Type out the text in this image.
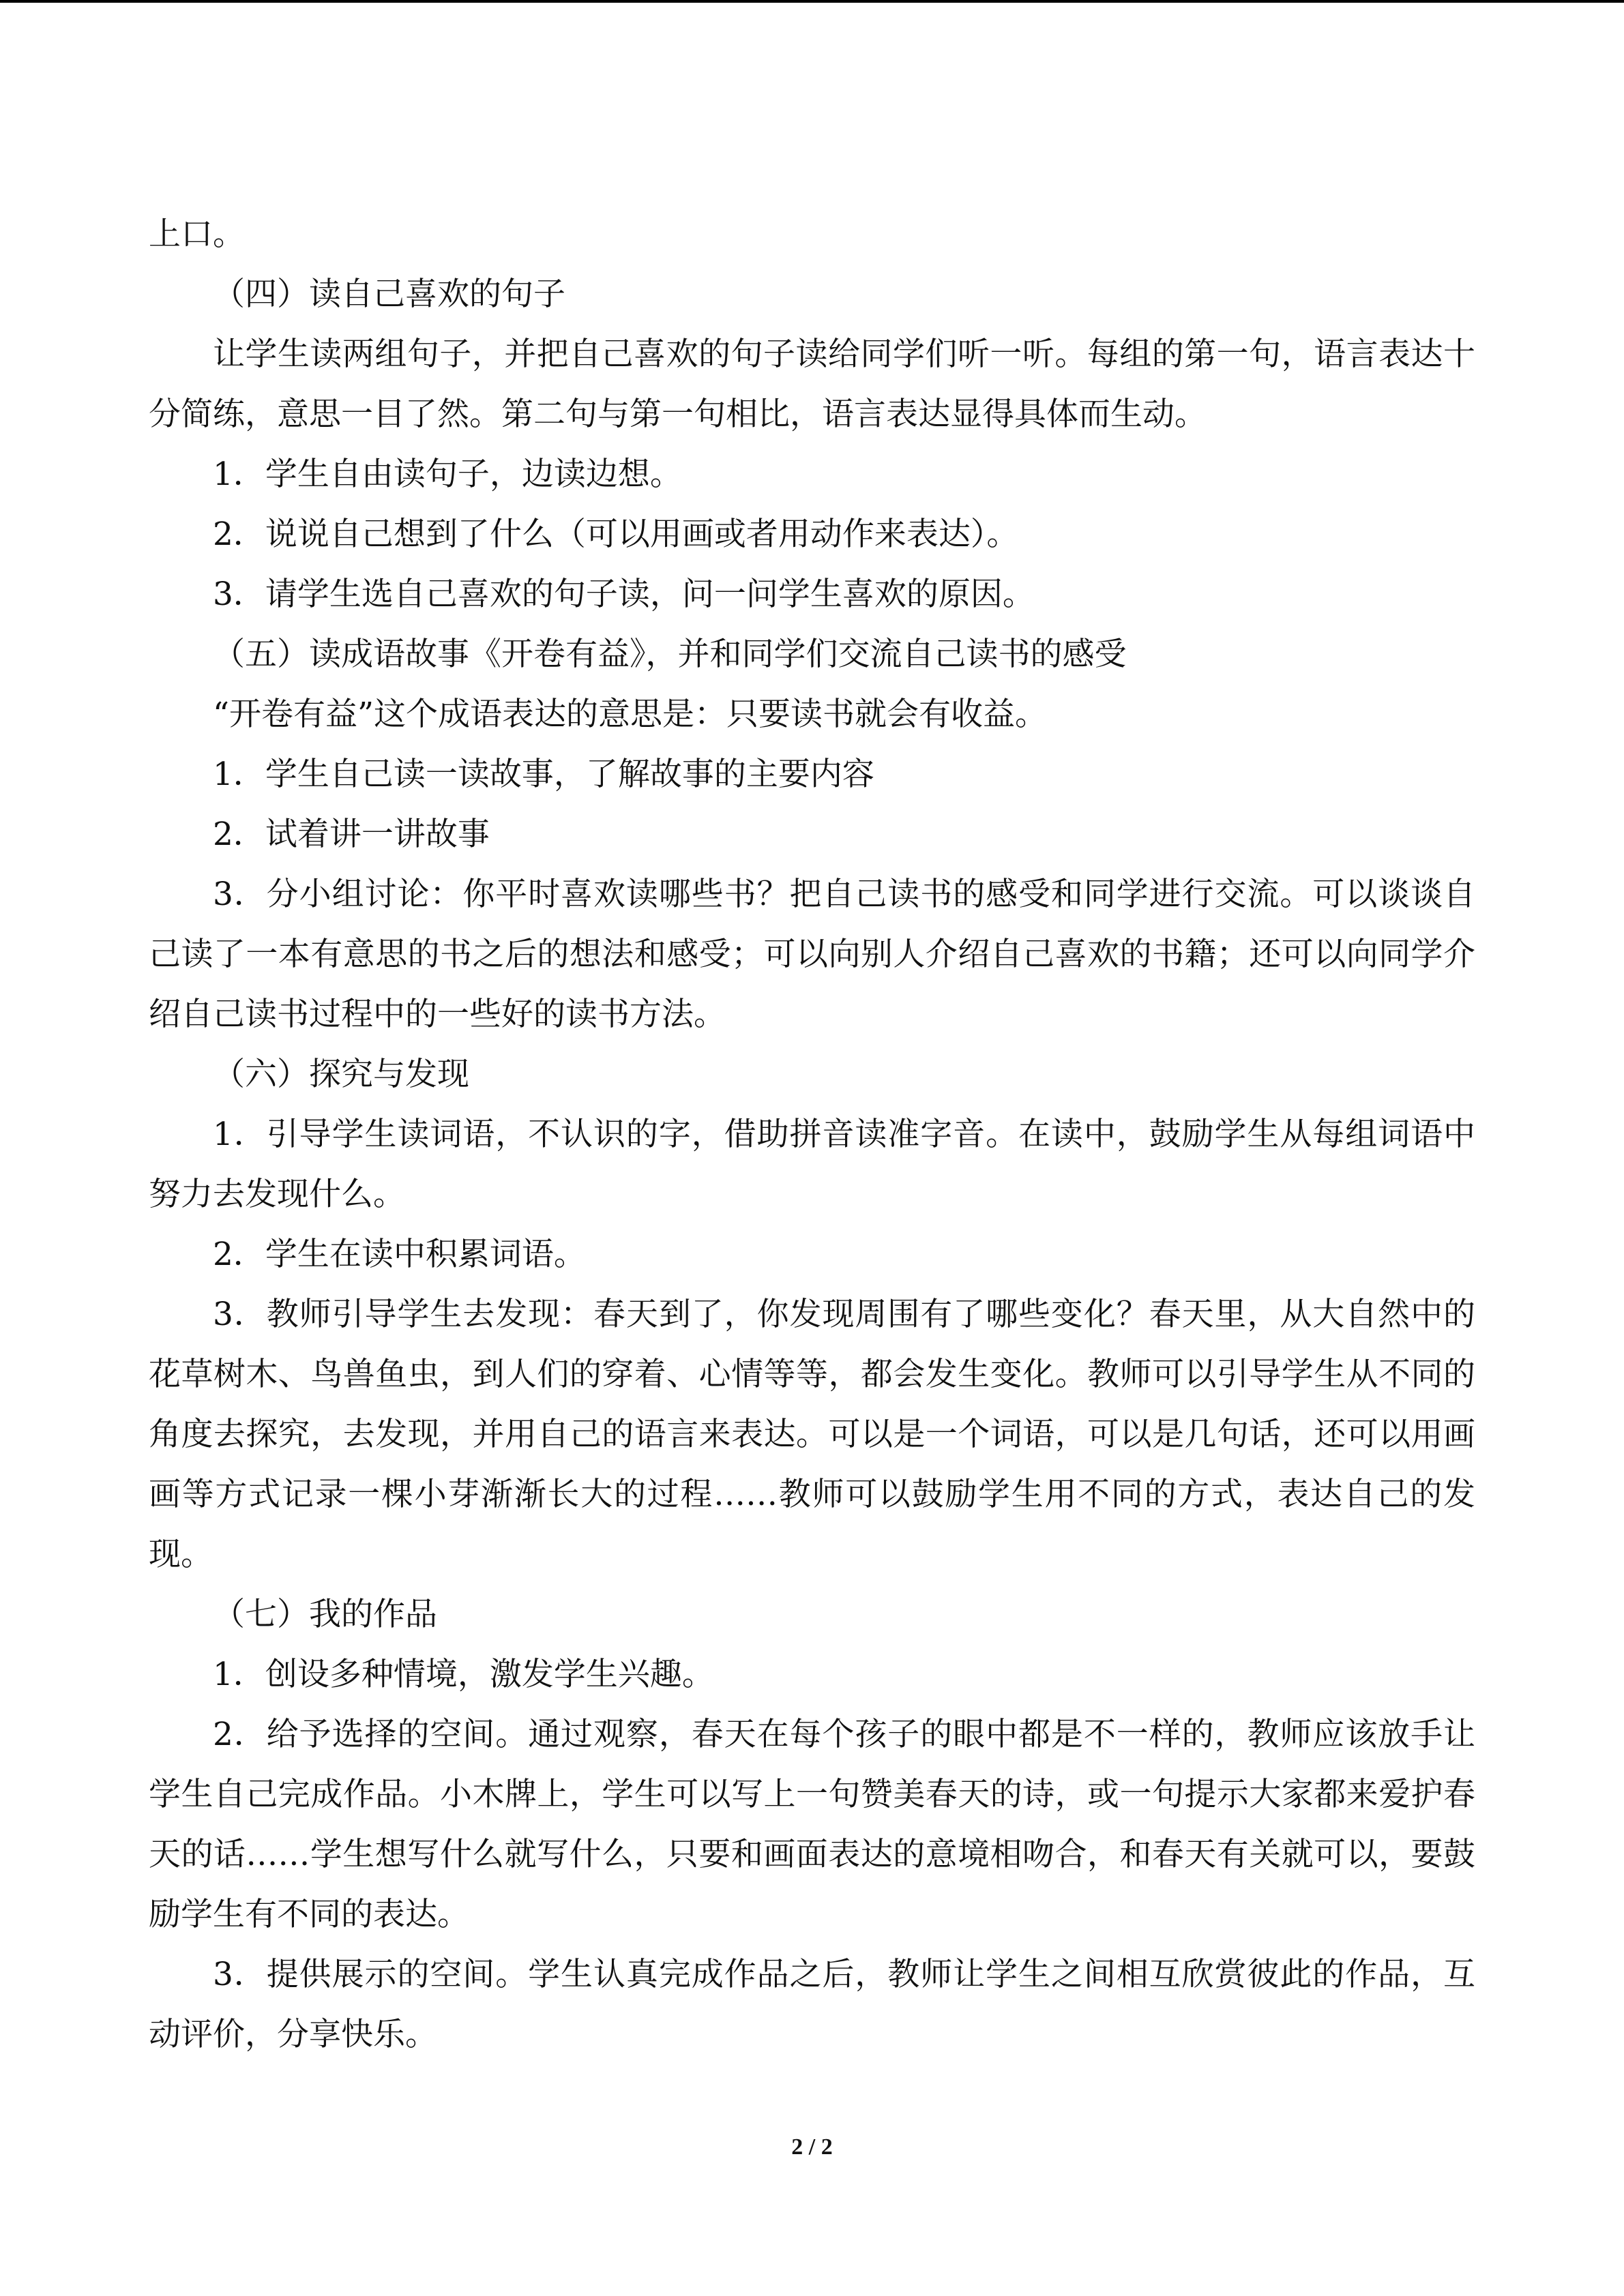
上口。

（四）读自己喜欢的句子

让学生读两组句子，并把自己喜欢的句子读给同学们听一听。每组的第一句，语言表达十分简练，意思一目了然。第二句与第一句相比，语言表达显得具体而生动。

1．学生自由读句子，边读边想。

2．说说自己想到了什么（可以用画或者用动作来表达）。

3．请学生选自己喜欢的句子读，问一问学生喜欢的原因。

（五）读成语故事《开卷有益》，并和同学们交流自己读书的感受

“开卷有益”这个成语表达的意思是：只要读书就会有收益。

1．学生自己读一读故事，了解故事的主要内容

2．试着讲一讲故事

3．分小组讨论：你平时喜欢读哪些书？把自己读书的感受和同学进行交流。可以谈谈自己读了一本有意思的书之后的想法和感受；可以向别人介绍自己喜欢的书籍；还可以向同学介绍自己读书过程中的一些好的读书方法。

（六）探究与发现

1．引导学生读词语，不认识的字，借助拼音读准字音。在读中，鼓励学生从每组词语中努力去发现什么。

2．学生在读中积累词语。

3．教师引导学生去发现：春天到了，你发现周围有了哪些变化？春天里，从大自然中的花草树木、鸟兽鱼虫，到人们的穿着、心情等等，都会发生变化。教师可以引导学生从不同的角度去探究，去发现，并用自己的语言来表达。可以是一个词语，可以是几句话，还可以用画画等方式记录一棵小芽渐渐长大的过程……教师可以鼓励学生用不同的方式，表达自己的发现。

（七）我的作品

1．创设多种情境，激发学生兴趣。

2．给予选择的空间。通过观察，春天在每个孩子的眼中都是不一样的，教师应该放手让学生自己完成作品。小木牌上，学生可以写上一句赞美春天的诗，或一句提示大家都来爱护春天的话……学生想写什么就写什么，只要和画面表达的意境相吻合，和春天有关就可以，要鼓励学生有不同的表达。

3．提供展示的空间。学生认真完成作品之后，教师让学生之间相互欣赏彼此的作品，互动评价，分享快乐。

2 / 2
